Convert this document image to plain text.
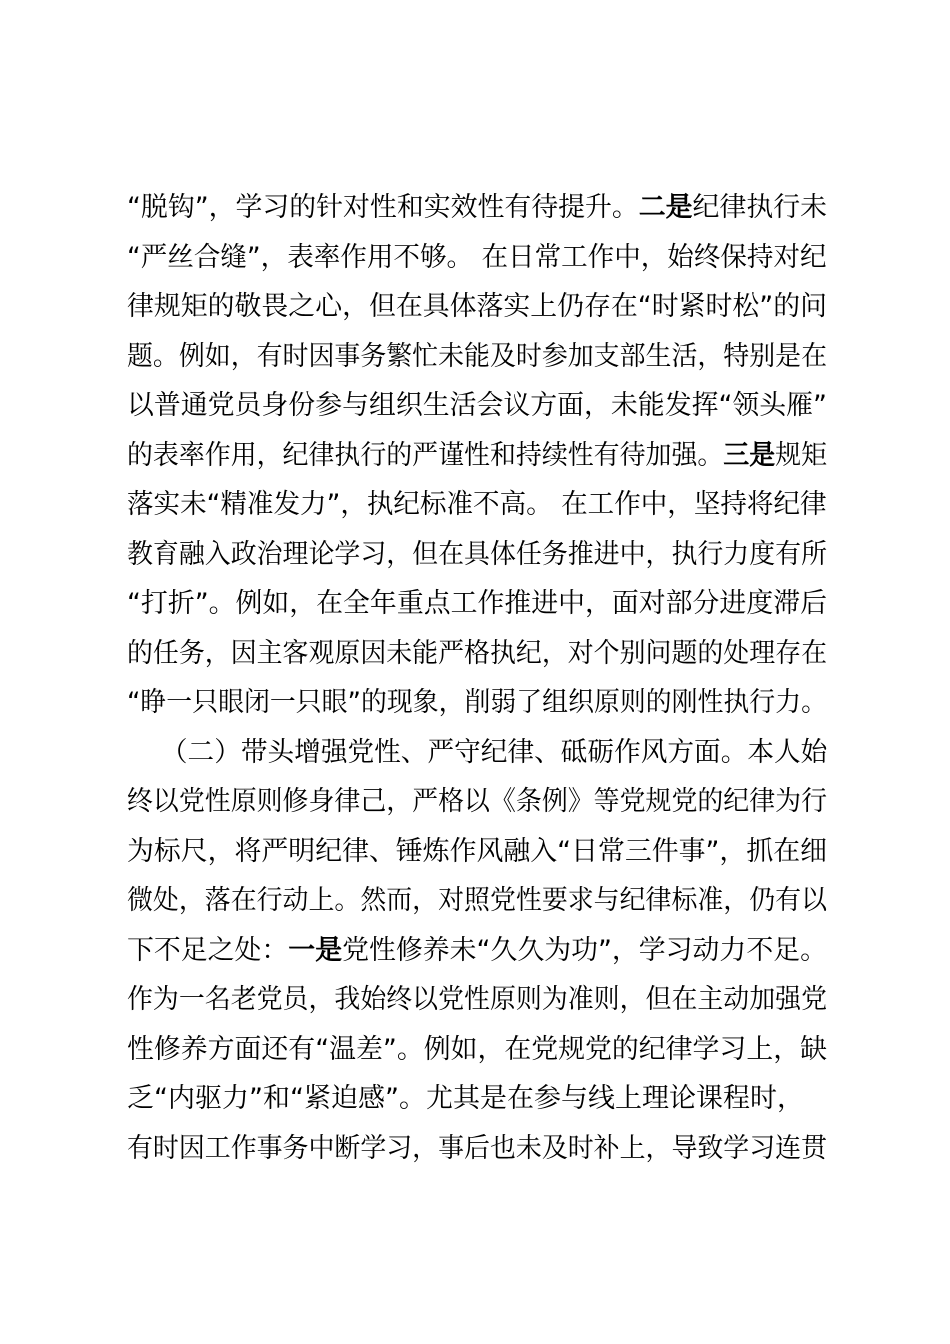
“脱钩”，学习的针对性和实效性有待提升。二是纪律执行未
“严丝合缝”，表率作用不够。 在日常工作中，始终保持对纪
律规矩的敬畏之心，但在具体落实上仍存在“时紧时松”的问
题。例如，有时因事务繁忙未能及时参加支部生活，特别是在
以普通党员身份参与组织生活会议方面，未能发挥“领头雁”
的表率作用，纪律执行的严谨性和持续性有待加强。三是规矩
落实未“精准发力”，执纪标准不高。 在工作中，坚持将纪律
教育融入政治理论学习，但在具体任务推进中，执行力度有所
“打折”。例如，在全年重点工作推进中，面对部分进度滞后
的任务，因主客观原因未能严格执纪，对个别问题的处理存在
“睁一只眼闭一只眼”的现象，削弱了组织原则的刚性执行力。
（二）带头增强党性、严守纪律、砥砺作风方面。本人始
终以党性原则修身律己，严格以《条例》等党规党的纪律为行
为标尺，将严明纪律、锤炼作风融入“日常三件事”，抓在细
微处，落在行动上。然而，对照党性要求与纪律标准，仍有以
下不足之处：一是党性修养未“久久为功”，学习动力不足。
作为一名老党员，我始终以党性原则为准则，但在主动加强党
性修养方面还有“温差”。例如，在党规党的纪律学习上，缺
乏“内驱力”和“紧迫感”。尤其是在参与线上理论课程时，
有时因工作事务中断学习，事后也未及时补上，导致学习连贯
